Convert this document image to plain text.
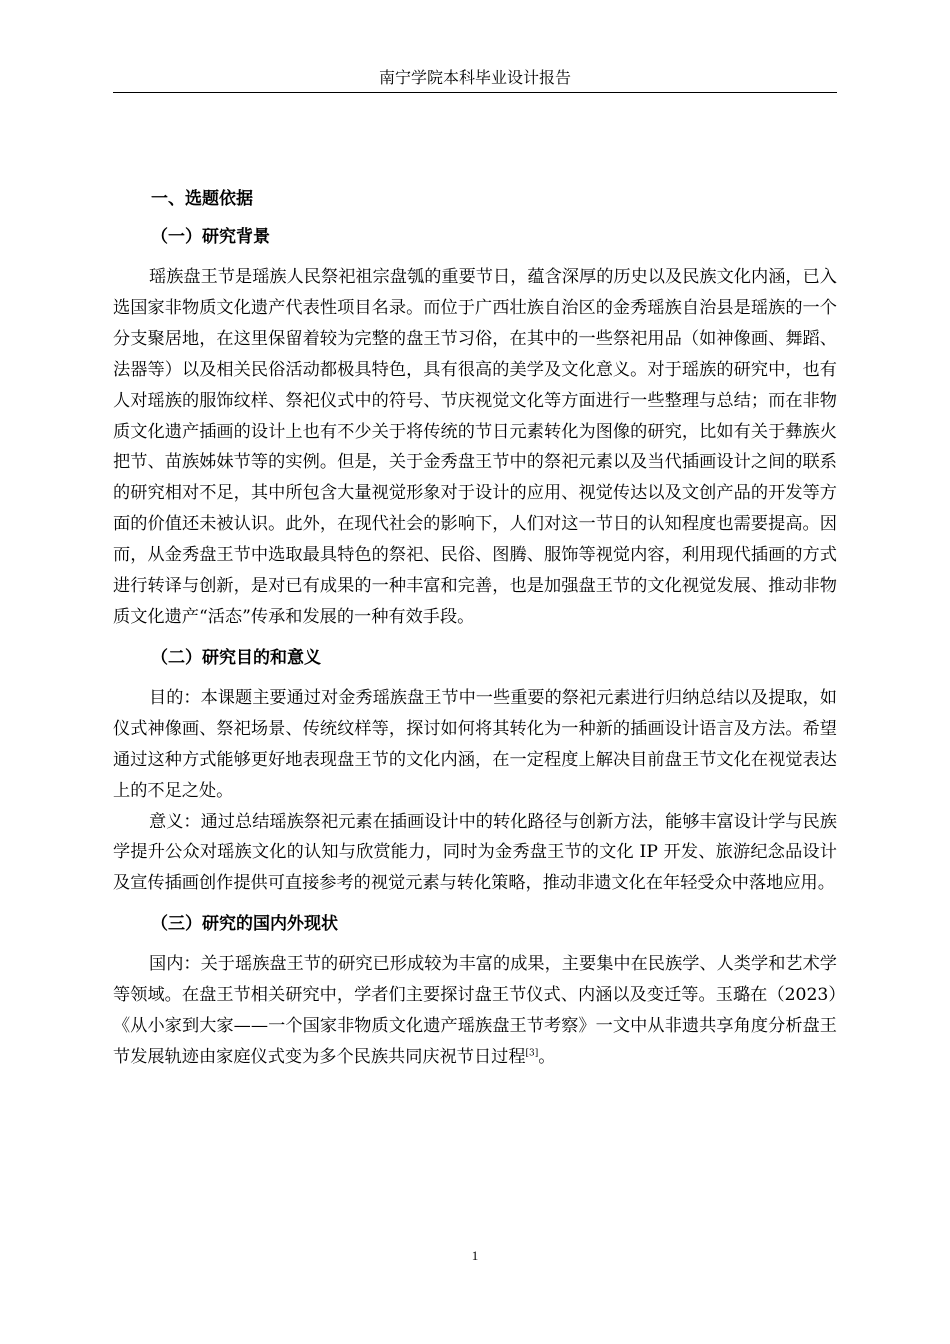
南宁学院本科毕业设计报告
一、选题依据
（一）研究背景

瑶族盘王节是瑶族人民祭祀祖宗盘瓠的重要节日，蕴含深厚的历史以及民族文化内涵，已入选国家非物质文化遗产代表性项目名录。而位于广西壮族自治区的金秀瑶族自治县是瑶族的一个分支聚居地，在这里保留着较为完整的盘王节习俗，在其中的一些祭祀用品（如神像画、舞蹈、法器等）以及相关民俗活动都极具特色，具有很高的美学及文化意义。对于瑶族的研究中，也有人对瑶族的服饰纹样、祭祀仪式中的符号、节庆视觉文化等方面进行一些整理与总结；而在非物质文化遗产插画的设计上也有不少关于将传统的节日元素转化为图像的研究，比如有关于彝族火把节、苗族姊妹节等的实例。但是，关于金秀盘王节中的祭祀元素以及当代插画设计之间的联系的研究相对不足，其中所包含大量视觉形象对于设计的应用、视觉传达以及文创产品的开发等方面的价值还未被认识。此外，在现代社会的影响下，人们对这一节日的认知程度也需要提高。因而，从金秀盘王节中选取最具特色的祭祀、民俗、图腾、服饰等视觉内容，利用现代插画的方式进行转译与创新，是对已有成果的一种丰富和完善，也是加强盘王节的文化视觉发展、推动非物质文化遗产“活态”传承和发展的一种有效手段。

（二）研究目的和意义

目的：本课题主要通过对金秀瑶族盘王节中一些重要的祭祀元素进行归纳总结以及提取，如仪式神像画、祭祀场景、传统纹样等，探讨如何将其转化为一种新的插画设计语言及方法。希望通过这种方式能够更好地表现盘王节的文化内涵，在一定程度上解决目前盘王节文化在视觉表达上的不足之处。

意义：通过总结瑶族祭祀元素在插画设计中的转化路径与创新方法，能够丰富设计学与民族学提升公众对瑶族文化的认知与欣赏能力，同时为金秀盘王节的文化 IP 开发、旅游纪念品设计及宣传插画创作提供可直接参考的视觉元素与转化策略，推动非遗文化在年轻受众中落地应用。

（三）研究的国内外现状

国内：关于瑶族盘王节的研究已形成较为丰富的成果，主要集中在民族学、人类学和艺术学等领域。在盘王节相关研究中，学者们主要探讨盘王节仪式、内涵以及变迁等。玉璐在（2023）《从小家到大家——一个国家非物质文化遗产瑶族盘王节考察》一文中从非遗共享角度分析盘王节发展轨迹由家庭仪式变为多个民族共同庆祝节日过程[3]。

1
